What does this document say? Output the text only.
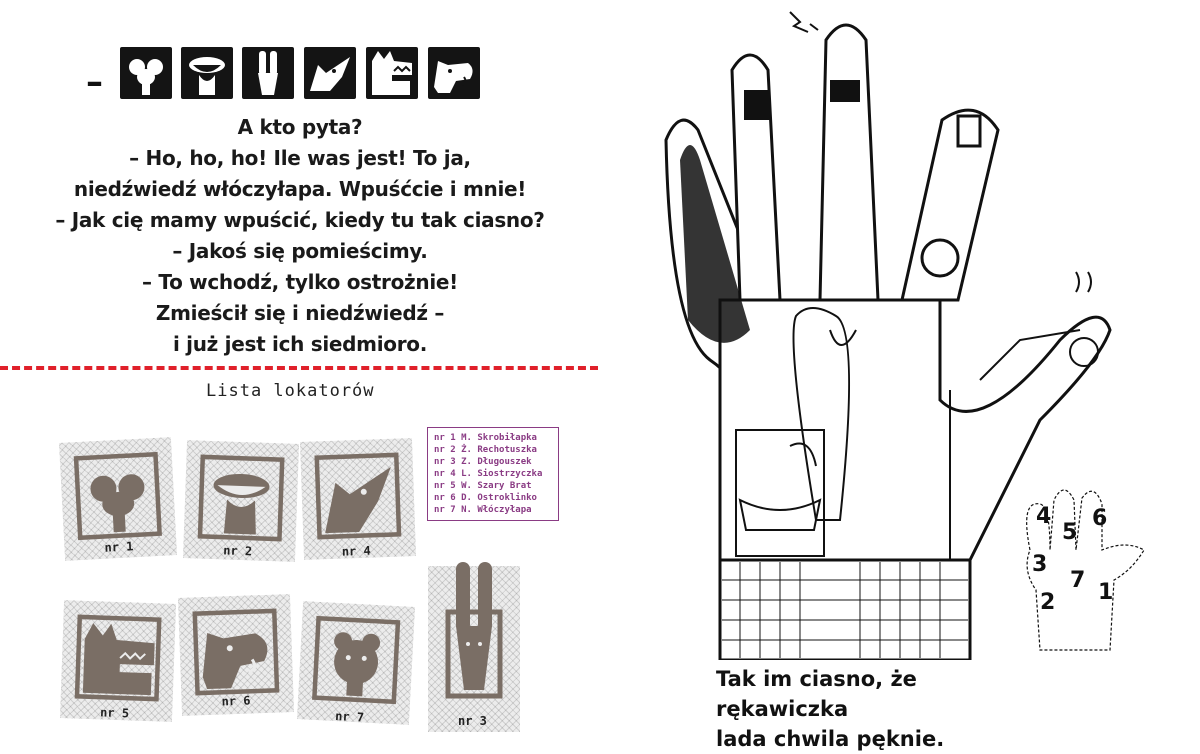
–

A kto pyta?

– Ho, ho, ho! Ile was jest! To ja,

niedźwiedź włóczyłapa. Wpuśćcie i mnie!

– Jak cię mamy wpuścić, kiedy tu tak ciasno?

– Jakoś się pomieścimy.

– To wchodź, tylko ostrożnie!

Zmieścił się i niedźwiedź –

i już jest ich siedmioro.

Lista lokatorów
nr 1	nr 2	nr 4
nr 1 M. Skrobiłapka
nr 2 Ż. Rechotuszka
nr 3 Z. Długouszek
nr 4 L. Siostrzyczka
nr 5 W. Szary Brat
nr 6 D. Ostroklinko
nr 7 N. Włóczyłapa
nr 5
nr 6
nr 7	nr 3
4
5
6
3
7 1
2

Tak im ciasno, że rękawiczka

lada chwila pęknie.
